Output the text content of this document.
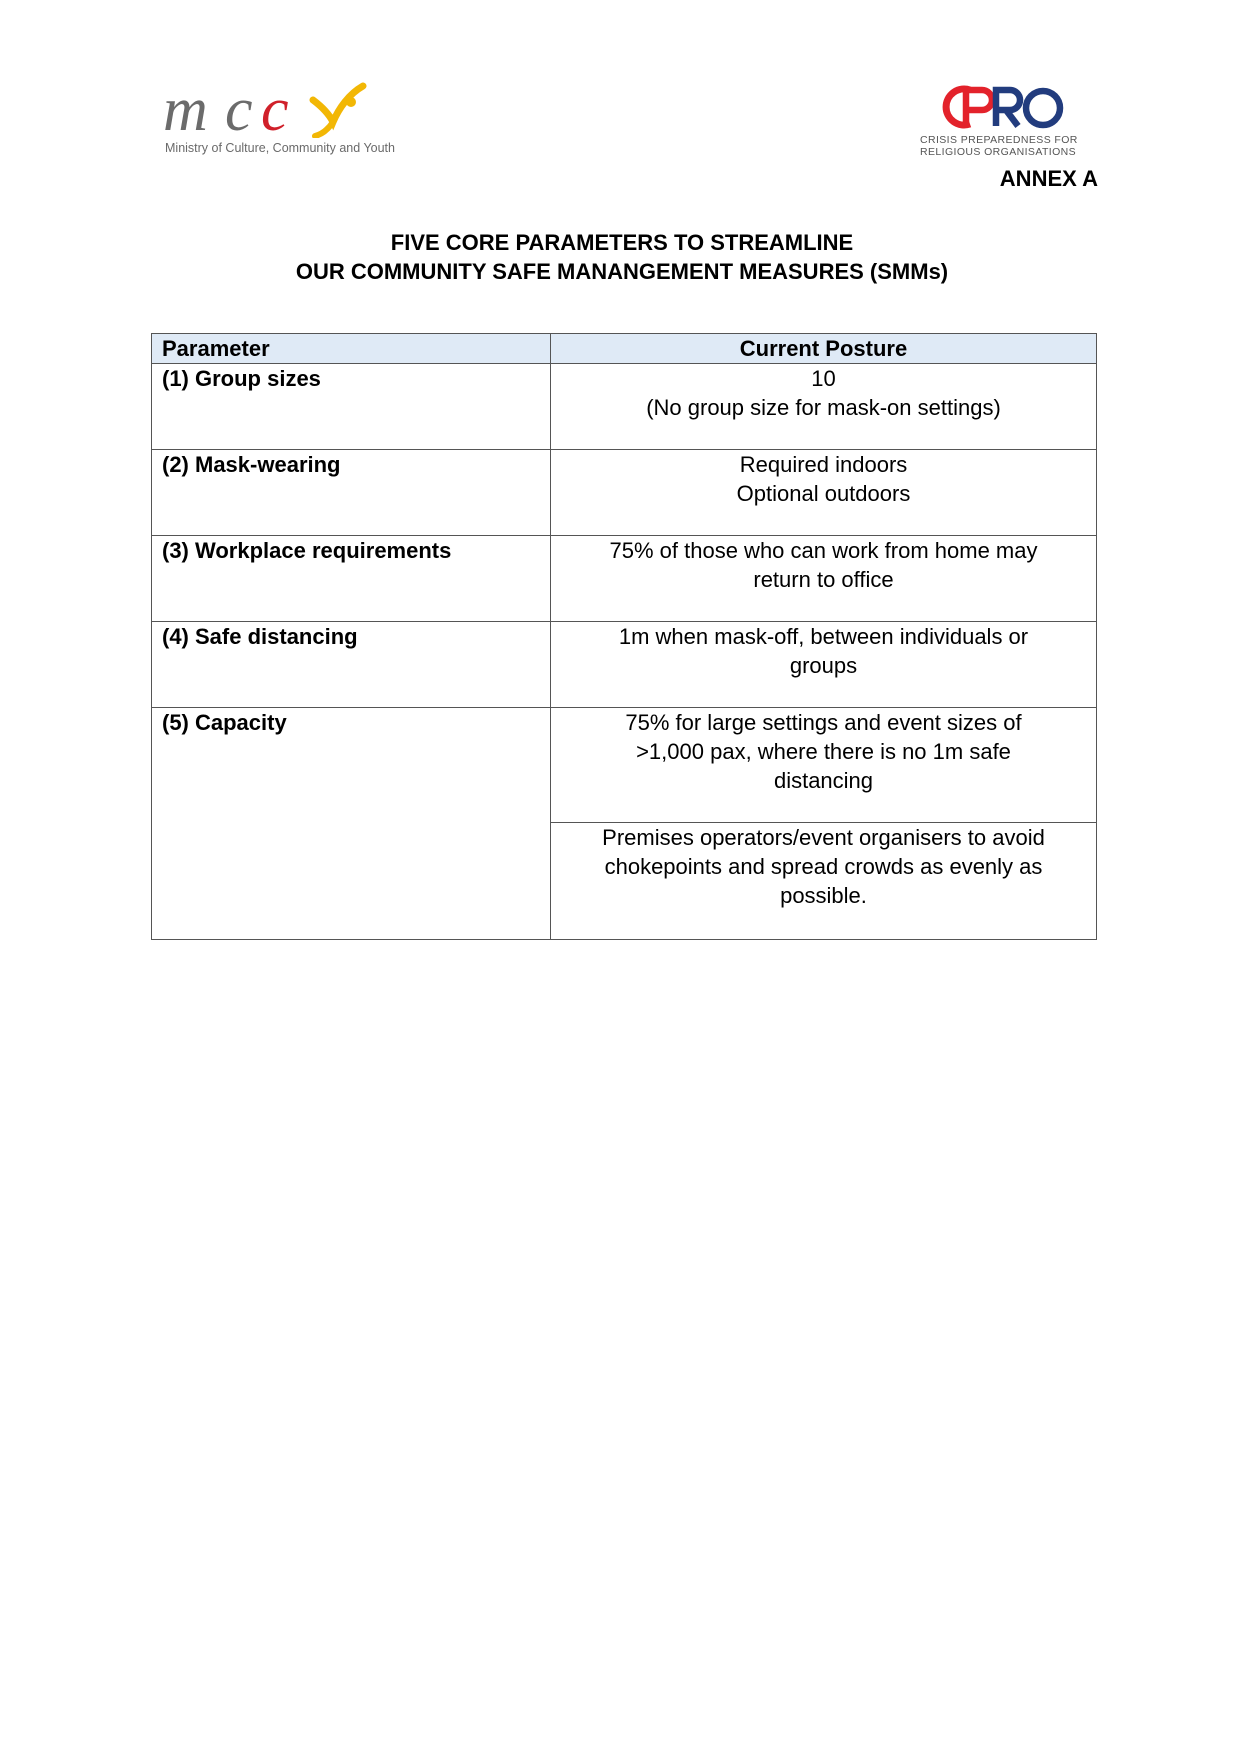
m c c
Ministry of Culture, Community and Youth
CRISIS PREPAREDNESS FOR
RELIGIOUS ORGANISATIONS
ANNEX A
FIVE CORE PARAMETERS TO STREAMLINE
OUR COMMUNITY SAFE MANANGEMENT MEASURES (SMMs)
Parameter	Current Posture
(1) Group sizes	10
(No group size for mask-on settings)

(2) Mask-wearing	Required indoors
Optional outdoors

(3) Workplace requirements	75% of those who can work from home may
return to office

(4) Safe distancing	1m when mask-off, between individuals or
groups

(5) Capacity	75% for large settings and event sizes of
>1,000 pax, where there is no 1m safe
distancing

	Premises operators/event organisers to avoid
chokepoints and spread crowds as evenly as
possible.
